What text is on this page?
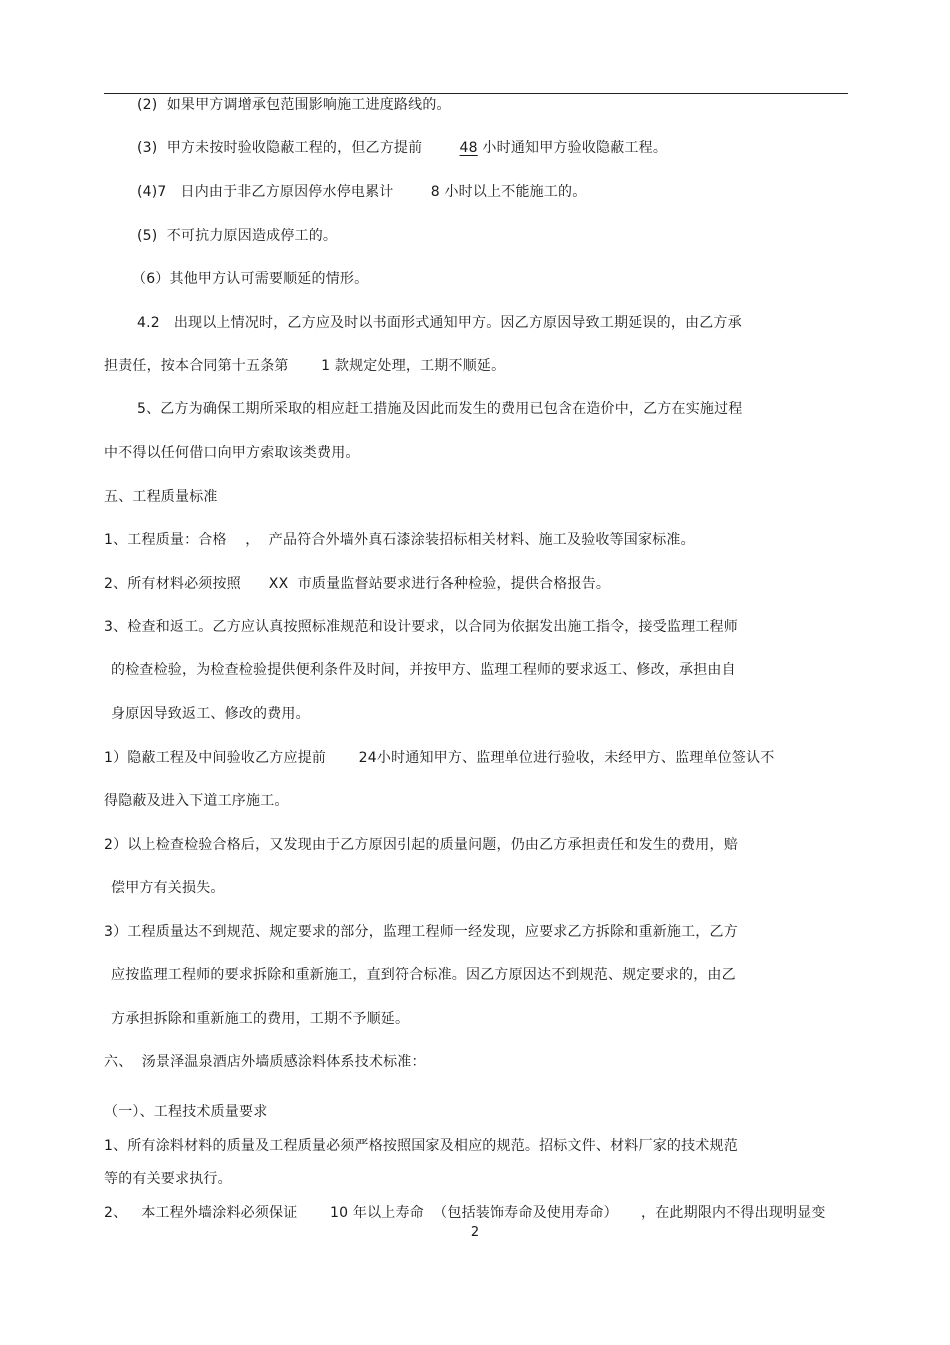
(2)  如果甲方调增承包范围影响施工进度路线的。
(3)  甲方未按时验收隐蔽工程的，但乙方提前        48 小时通知甲方验收隐蔽工程。
(4)7   日内由于非乙方原因停水停电累计        8 小时以上不能施工的。
(5)  不可抗力原因造成停工的。
（6）其他甲方认可需要顺延的情形。
4.2   出现以上情况时，乙方应及时以书面形式通知甲方。因乙方原因导致工期延误的，由乙方承
担责任，按本合同第十五条第       1 款规定处理，工期不顺延。
5、乙方为确保工期所采取的相应赶工措施及因此而发生的费用已包含在造价中，乙方在实施过程
中不得以任何借口向甲方索取该类费用。
五、工程质量标准
1、工程质量：合格    ，  产品符合外墙外真石漆涂装招标相关材料、施工及验收等国家标准。
2、所有材料必须按照      XX  市质量监督站要求进行各种检验，提供合格报告。
3、检查和返工。乙方应认真按照标准规范和设计要求，以合同为依据发出施工指令，接受监理工程师
的检查检验，为检查检验提供便利条件及时间，并按甲方、监理工程师的要求返工、修改，承担由自
身原因导致返工、修改的费用。
1）隐蔽工程及中间验收乙方应提前       24小时通知甲方、监理单位进行验收，未经甲方、监理单位签认不
得隐蔽及进入下道工序施工。
2）以上检查检验合格后，又发现由于乙方原因引起的质量问题，仍由乙方承担责任和发生的费用，赔
偿甲方有关损失。
3）工程质量达不到规范、规定要求的部分，监理工程师一经发现，应要求乙方拆除和重新施工，乙方
应按监理工程师的要求拆除和重新施工，直到符合标准。因乙方原因达不到规范、规定要求的，由乙
方承担拆除和重新施工的费用，工期不予顺延。
六、  汤景泽温泉酒店外墙质感涂料体系技术标准：
（一）、工程技术质量要求
1、所有涂料材料的质量及工程质量必须严格按照国家及相应的规范。招标文件、材料厂家的技术规范
等的有关要求执行。
2、   本工程外墙涂料必须保证       10 年以上寿命  （包括装饰寿命及使用寿命）     ，在此期限内不得出现明显变
2
